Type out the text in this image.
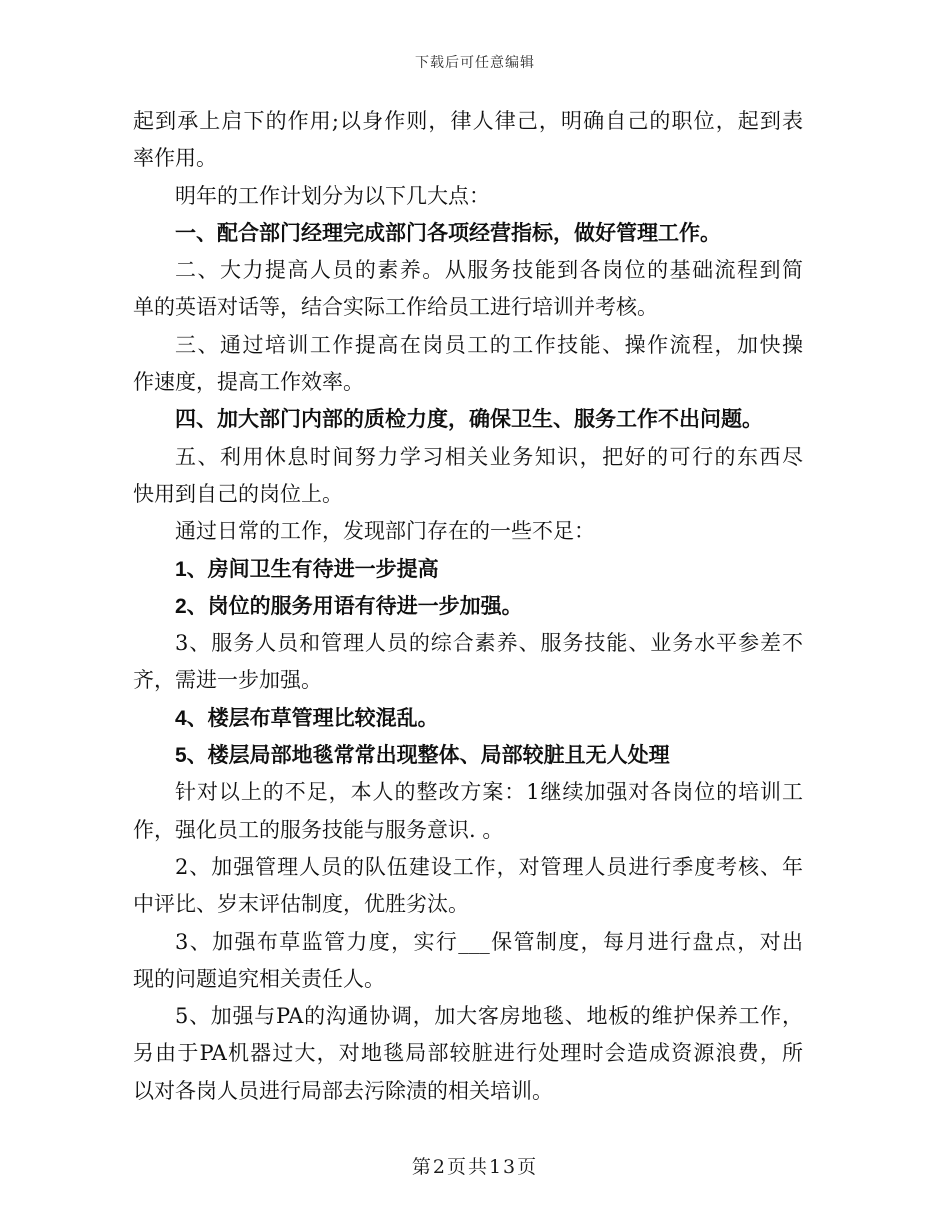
下载后可任意编辑
起到承上启下的作用;以身作则，律人律己，明确自己的职位，起到表
率作用。
明年的工作计划分为以下几大点：
一、配合部门经理完成部门各项经营指标，做好管理工作。
二、大力提高人员的素养。从服务技能到各岗位的基础流程到简
单的英语对话等，结合实际工作给员工进行培训并考核。
三、通过培训工作提高在岗员工的工作技能、操作流程，加快操
作速度，提高工作效率。
四、加大部门内部的质检力度，确保卫生、服务工作不出问题。
五、利用休息时间努力学习相关业务知识，把好的可行的东西尽
快用到自己的岗位上。
通过日常的工作，发现部门存在的一些不足：
1、房间卫生有待进一步提高
2、岗位的服务用语有待进一步加强。
3、服务人员和管理人员的综合素养、服务技能、业务水平参差不
齐，需进一步加强。
4、楼层布草管理比较混乱。
5、楼层局部地毯常常出现整体、局部较脏且无人处理
针对以上的不足，本人的整改方案：1继续加强对各岗位的培训工
作，强化员工的服务技能与服务意识. 。
2、加强管理人员的队伍建设工作，对管理人员进行季度考核、年
中评比、岁末评估制度，优胜劣汰。
3、加强布草监管力度，实行___保管制度，每月进行盘点，对出
现的问题追究相关责任人。
5、加强与PA的沟通协调，加大客房地毯、地板的维护保养工作，
另由于PA机器过大，对地毯局部较脏进行处理时会造成资源浪费，所
以对各岗人员进行局部去污除渍的相关培训。
第2页共13页
